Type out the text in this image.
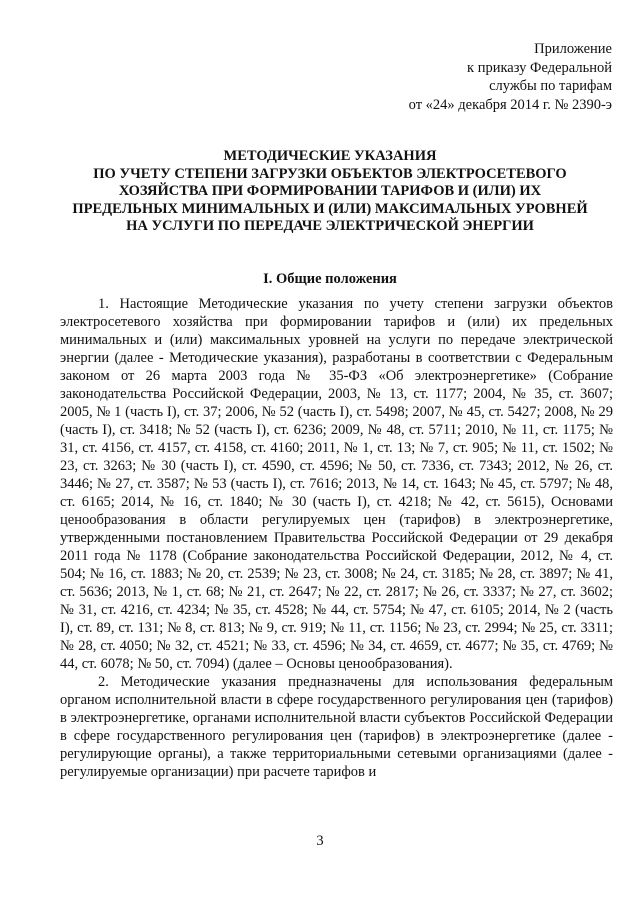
Приложение
к приказу Федеральной
службы по тарифам
от «24» декабря 2014 г. № 2390-э
МЕТОДИЧЕСКИЕ УКАЗАНИЯ
ПО УЧЕТУ СТЕПЕНИ ЗАГРУЗКИ ОБЪЕКТОВ ЭЛЕКТРОСЕТЕВОГО
ХОЗЯЙСТВА ПРИ ФОРМИРОВАНИИ ТАРИФОВ И (ИЛИ) ИХ
ПРЕДЕЛЬНЫХ МИНИМАЛЬНЫХ И (ИЛИ) МАКСИМАЛЬНЫХ УРОВНЕЙ
НА УСЛУГИ ПО ПЕРЕДАЧЕ ЭЛЕКТРИЧЕСКОЙ ЭНЕРГИИ
I. Общие положения

1. Настоящие Методические указания по учету степени загрузки объектов электросетевого хозяйства при формировании тарифов и (или) их предельных минимальных и (или) максимальных уровней на услуги по передаче электрической энергии (далее - Методические указания), разработаны в соответствии с Федеральным законом от 26 марта 2003 года № 35-ФЗ «Об электроэнергетике» (Собрание законодательства Российской Федерации, 2003, № 13, ст. 1177; 2004, № 35, ст. 3607; 2005, № 1 (часть I), ст. 37; 2006, № 52 (часть I), ст. 5498; 2007, № 45, ст. 5427; 2008, № 29 (часть I), ст. 3418; № 52 (часть I), ст. 6236; 2009, № 48, ст. 5711; 2010, № 11, ст. 1175; № 31, ст. 4156, ст. 4157, ст. 4158, ст. 4160; 2011, № 1, ст. 13; № 7, ст. 905; № 11, ст. 1502; № 23, ст. 3263; № 30 (часть I), ст. 4590, ст. 4596; № 50, ст. 7336, ст. 7343; 2012, № 26, ст. 3446; № 27, ст. 3587; № 53 (часть I), ст. 7616; 2013, № 14, ст. 1643; № 45, ст. 5797; № 48, ст. 6165; 2014, № 16, ст. 1840; № 30 (часть I), ст. 4218; № 42, ст. 5615), Основами ценообразования в области регулируемых цен (тарифов) в электроэнергетике, утвержденными постановлением Правительства Российской Федерации от 29 декабря 2011 года № 1178 (Собрание законодательства Российской Федерации, 2012, № 4, ст. 504; № 16, ст. 1883; № 20, ст. 2539; № 23, ст. 3008; № 24, ст. 3185; № 28, ст. 3897; № 41, ст. 5636; 2013, № 1, ст. 68; № 21, ст. 2647; № 22, ст. 2817; № 26, ст. 3337; № 27, ст. 3602; № 31, ст. 4216, ст. 4234; № 35, ст. 4528; № 44, ст. 5754; № 47, ст. 6105; 2014, № 2 (часть I), ст. 89, ст. 131; № 8, ст. 813; № 9, ст. 919; № 11, ст. 1156; № 23, ст. 2994; № 25, ст. 3311; № 28, ст. 4050; № 32, ст. 4521; № 33, ст. 4596; № 34, ст. 4659, ст. 4677; № 35, ст. 4769; № 44, ст. 6078; № 50, ст. 7094) (далее – Основы ценообразования).

2. Методические указания предназначены для использования федеральным органом исполнительной власти в сфере государственного регулирования цен (тарифов) в электроэнергетике, органами исполнительной власти субъектов Российской Федерации в сфере государственного регулирования цен (тарифов) в электроэнергетике (далее - регулирующие органы), а также территориальными сетевыми организациями (далее - регулируемые организации) при расчете тарифов и

3
